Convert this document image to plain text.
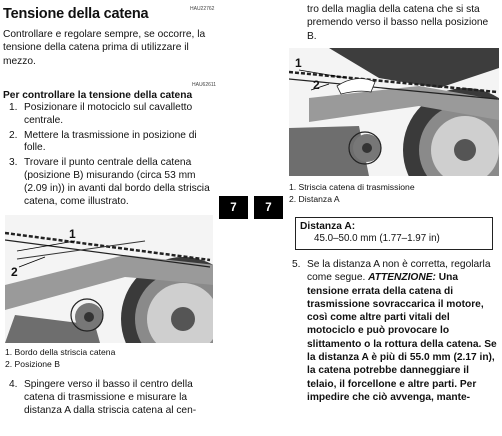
HAU22762
Tensione della catena

Controllare e regolare sempre, se occorre, la tensione della catena prima di utilizzare il mezzo.

HAU62611
Per controllare la tensione della catena
1. Posizionare il motociclo sul cavalletto centrale.
2. Mettere la trasmissione in posizione di folle.
3. Trovare il punto centrale della catena (posizione B) misurando (circa 53 mm (2.09 in)) in avanti dal bordo della striscia catena, come illustrato.
1
2
1. Bordo della striscia catena
2. Posizione B
4. Spingere verso il basso il centro della catena di trasmissione e misurare la distanza A dalla striscia catena al cen-
7	7

tro della maglia della catena che si sta premendo verso il basso nella posizione B.

1
2
1. Striscia catena di trasmissione
2. Distanza A

Distanza A:

45.0–50.0 mm (1.77–1.97 in)

5. Se la distanza A non è corretta, regolarla come segue. ATTENZIONE: Una tensione errata della catena di trasmissione sovraccarica il motore, così come altre parti vitali del motociclo e può provocare lo slittamento o la rottura della catena. Se la distanza A è più di 55.0 mm (2.17 in), la catena potrebbe danneggiare il telaio, il forcellone e altre parti. Per impedire che ciò avvenga, mante-
